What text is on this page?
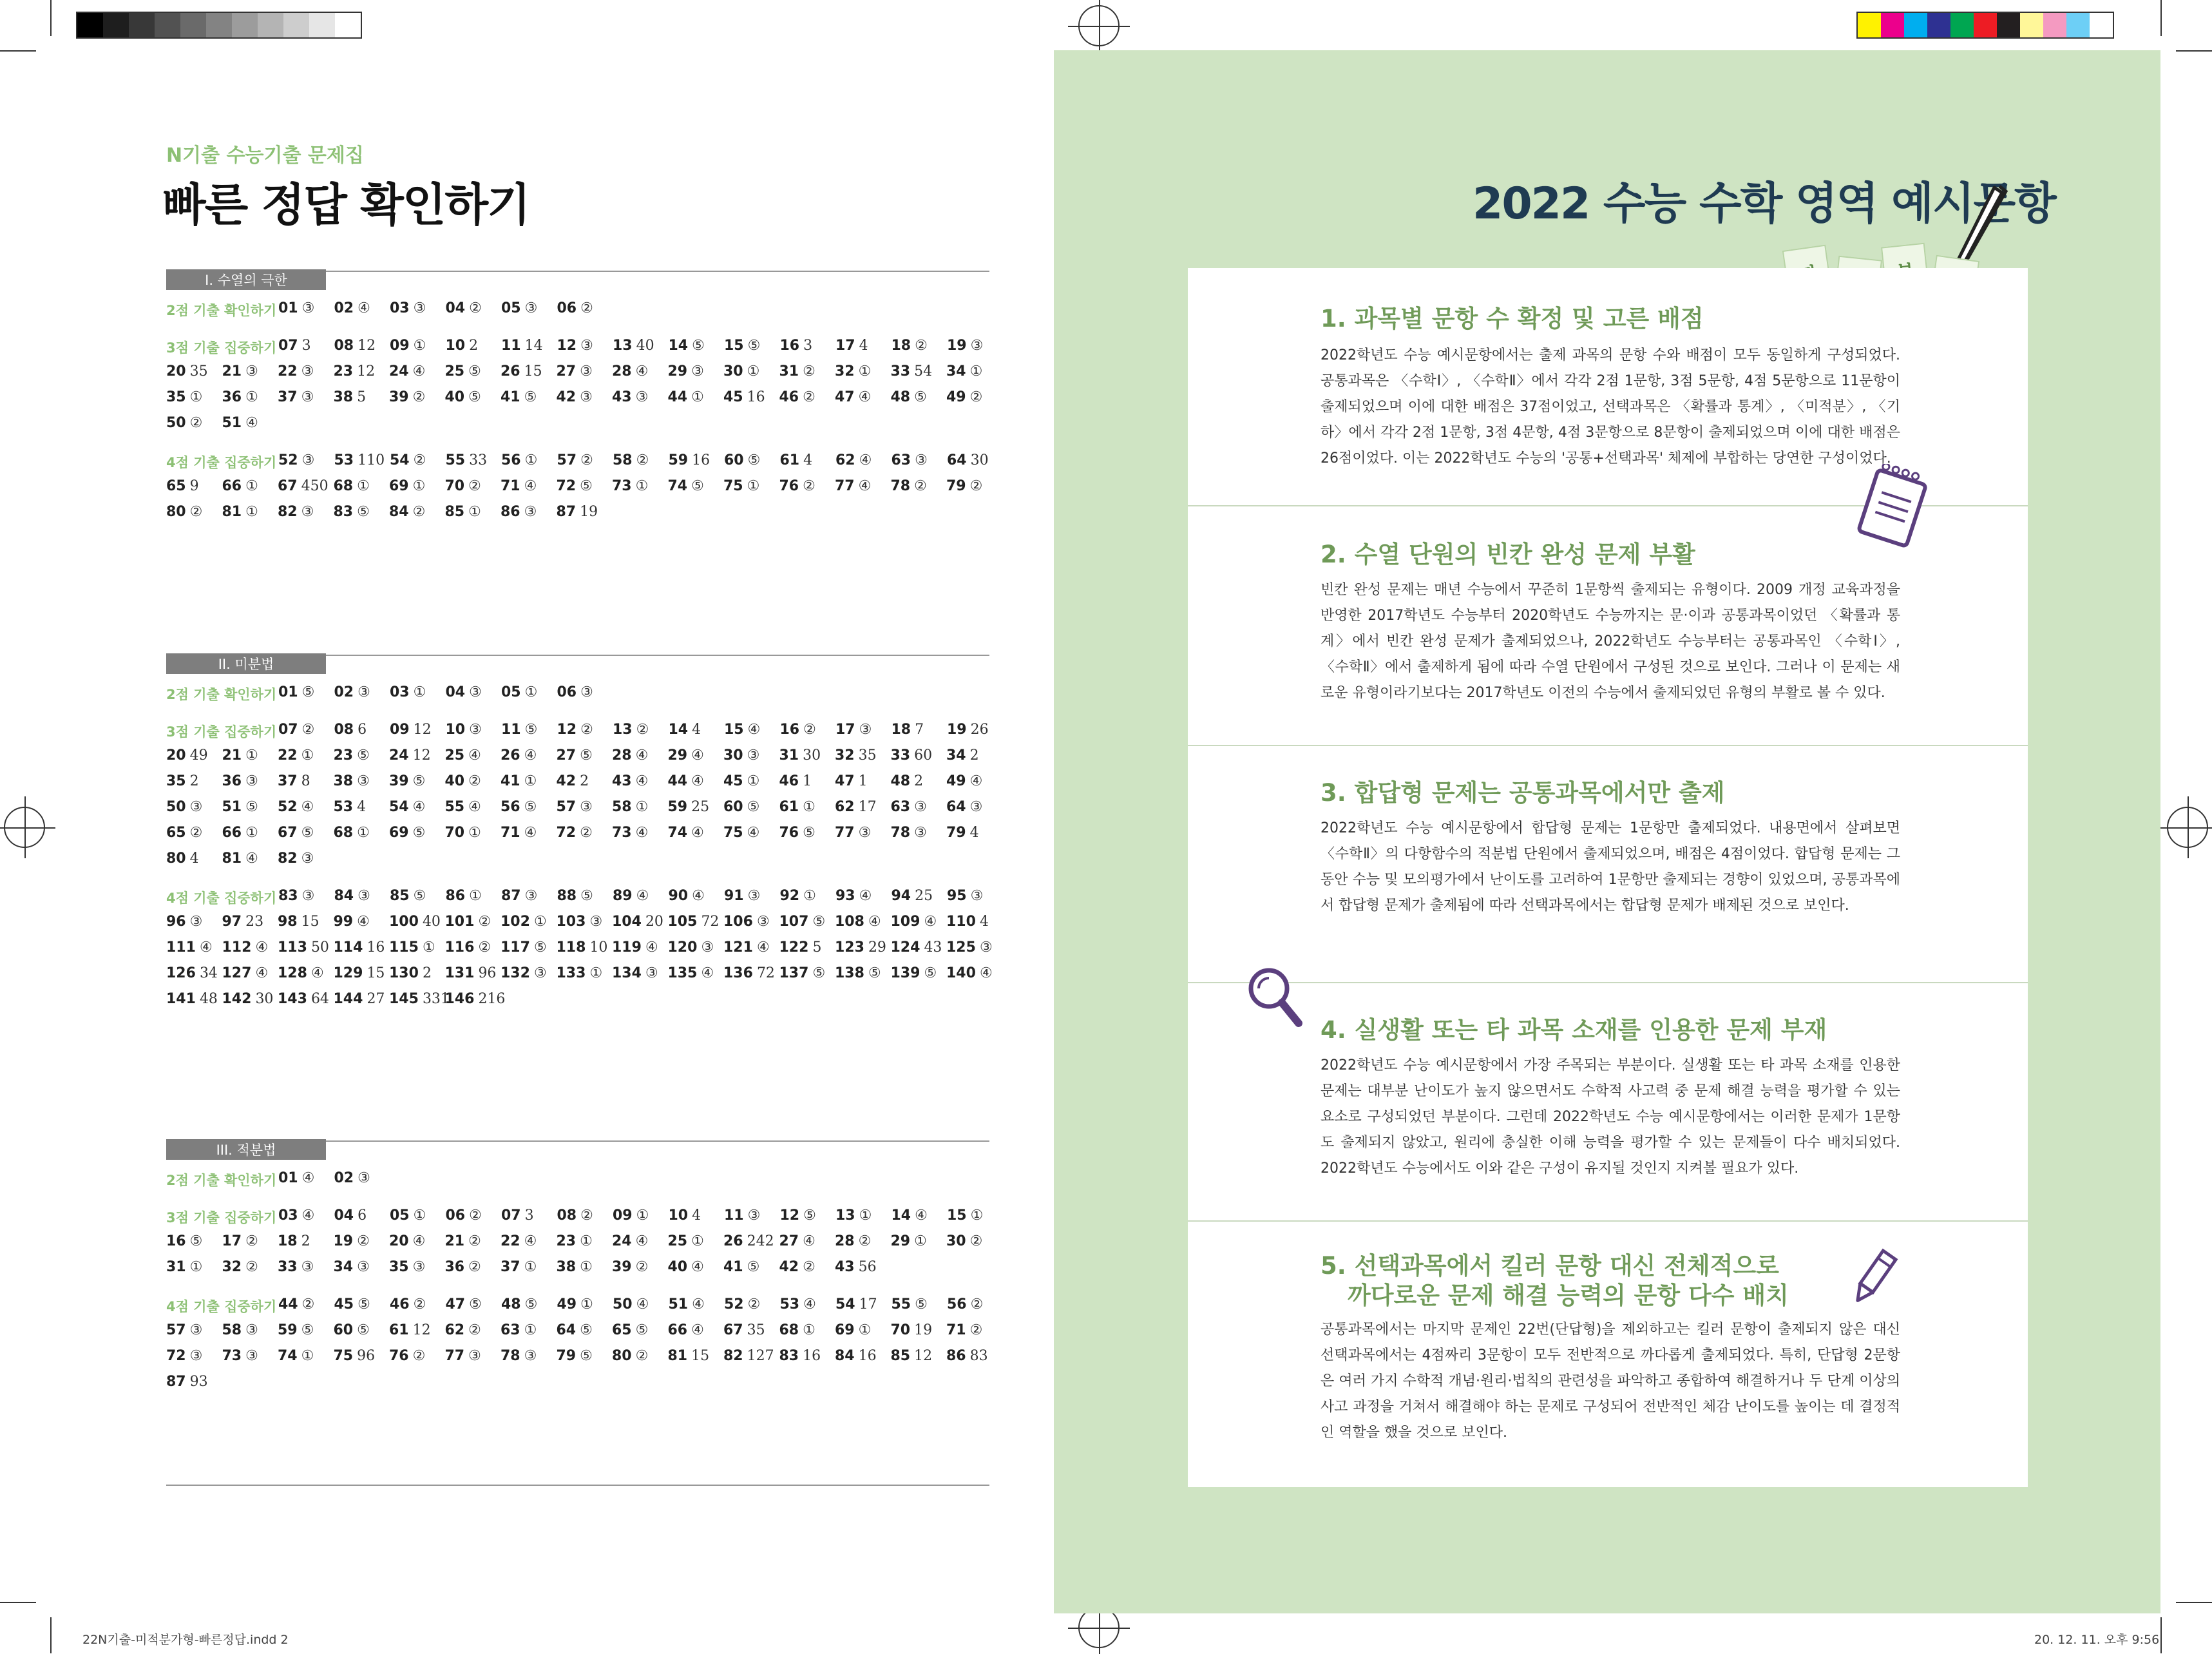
N기출 수능기출 문제집
빠른 정답 확인하기
I. 수열의 극한
2점 기출 확인하기 01 ③ 02 ④ 03 ③ 04 ② 05 ③ 06 ②
3점 기출 집중하기 07 3 08 12 09 ① 10 2 11 14 12 ③ 13 40 14 ⑤ 15 ⑤ 16 3 17 4 18 ② 19 ③
20 35 21 ③ 22 ③ 23 12 24 ④ 25 ⑤ 26 15 27 ③ 28 ④ 29 ③ 30 ① 31 ② 32 ① 33 54 34 ①
35 ① 36 ① 37 ③ 38 5 39 ② 40 ⑤ 41 ⑤ 42 ③ 43 ③ 44 ① 45 16 46 ② 47 ④ 48 ⑤ 49 ②
50 ② 51 ④
4점 기출 집중하기 52 ③ 53 110 54 ② 55 33 56 ① 57 ② 58 ② 59 16 60 ⑤ 61 4 62 ④ 63 ③ 64 30
65 9 66 ① 67 450 68 ① 69 ① 70 ② 71 ④ 72 ⑤ 73 ① 74 ⑤ 75 ① 76 ② 77 ④ 78 ② 79 ②
80 ② 81 ① 82 ③ 83 ⑤ 84 ② 85 ① 86 ③ 87 19
II. 미분법
2점 기출 확인하기 01 ⑤ 02 ③ 03 ① 04 ③ 05 ① 06 ③
3점 기출 집중하기 07 ② 08 6 09 12 10 ③ 11 ⑤ 12 ② 13 ② 14 4 15 ④ 16 ② 17 ③ 18 7 19 26
20 49 21 ① 22 ① 23 ⑤ 24 12 25 ④ 26 ④ 27 ⑤ 28 ④ 29 ④ 30 ③ 31 30 32 35 33 60 34 2
35 2 36 ③ 37 8 38 ③ 39 ⑤ 40 ② 41 ① 42 2 43 ④ 44 ④ 45 ① 46 1 47 1 48 2 49 ④
50 ③ 51 ⑤ 52 ④ 53 4 54 ④ 55 ④ 56 ⑤ 57 ③ 58 ① 59 25 60 ⑤ 61 ① 62 17 63 ③ 64 ③
65 ② 66 ① 67 ⑤ 68 ① 69 ⑤ 70 ① 71 ④ 72 ② 73 ④ 74 ④ 75 ④ 76 ⑤ 77 ③ 78 ③ 79 4
80 4 81 ④ 82 ③
4점 기출 집중하기 83 ③ 84 ③ 85 ⑤ 86 ① 87 ③ 88 ⑤ 89 ④ 90 ④ 91 ③ 92 ① 93 ④ 94 25 95 ③
96 ③ 97 23 98 15 99 ④ 100 40 101 ② 102 ① 103 ③ 104 20 105 72 106 ③ 107 ⑤ 108 ④ 109 ④ 110 4
111 ④ 112 ④ 113 50 114 16 115 ① 116 ② 117 ⑤ 118 10 119 ④ 120 ③ 121 ④ 122 5 123 29 124 43 125 ③
126 34 127 ④ 128 ④ 129 15 130 2 131 96 132 ③ 133 ① 134 ③ 135 ④ 136 72 137 ⑤ 138 ⑤ 139 ⑤ 140 ④
141 48 142 30 143 64 144 27 145 331
146 216
III. 적분법
2점 기출 확인하기 01 ④ 02 ③
3점 기출 집중하기 03 ④ 04 6 05 ① 06 ② 07 3 08 ② 09 ① 10 4 11 ③ 12 ⑤ 13 ① 14 ④ 15 ①
16 ⑤ 17 ② 18 2 19 ② 20 ④ 21 ② 22 ④ 23 ① 24 ④ 25 ① 26 242 27 ④ 28 ② 29 ① 30 ②
31 ① 32 ② 33 ③ 34 ③ 35 ③ 36 ② 37 ① 38 ① 39 ② 40 ④ 41 ⑤ 42 ② 43 56
4점 기출 집중하기 44 ② 45 ⑤ 46 ② 47 ⑤ 48 ⑤ 49 ① 50 ④ 51 ④ 52 ② 53 ④ 54 17 55 ⑤ 56 ②
57 ③ 58 ③ 59 ⑤ 60 ⑤ 61 12 62 ② 63 ① 64 ⑤ 65 ⑤ 66 ④ 67 35 68 ① 69 ① 70 19 71 ②
72 ③ 73 ③ 74 ① 75 96 76 ② 77 ③ 78 ③ 79 ⑤ 80 ② 81 15 82 127 83 16 84 16 85 12 86 83
87 93
22N기출-미적분가형-빠른정답.indd 2
2022 수능 수학 영역 예시문항
1. 과목별 문항 수 확정 및 고른 배점
2022학년도 수능 예시문항에서는 출제 과목의 문항 수와 배점이 모두 동일하게 구성되었다. 공통과목은 〈수학Ⅰ〉, 〈수학Ⅱ〉에서 각각 2점 1문항, 3점 5문항, 4점 5문항으로 11문항이 출제되었으며 이에 대한 배점은 37점이었고, 선택과목은 〈확률과 통계〉, 〈미적분〉, 〈기하〉에서 각각 2점 1문항, 3점 4문항, 4점 3문항으로 8문항이 출제되었으며 이에 대한 배점은 26점이었다. 이는 2022학년도 수능의 '공통+선택과목' 체제에 부합하는 당연한 구성이었다.
2. 수열 단원의 빈칸 완성 문제 부활
빈칸 완성 문제는 매년 수능에서 꾸준히 1문항씩 출제되는 유형이다. 2009 개정 교육과정을 반영한 2017학년도 수능부터 2020학년도 수능까지는 문·이과 공통과목이었던 〈확률과 통계〉에서 빈칸 완성 문제가 출제되었으나, 2022학년도 수능부터는 공통과목인 〈수학Ⅰ〉, 〈수학Ⅱ〉에서 출제하게 됨에 따라 수열 단원에서 구성된 것으로 보인다. 그러나 이 문제는 새로운 유형이라기보다는 2017학년도 이전의 수능에서 출제되었던 유형의 부활로 볼 수 있다.
3. 합답형 문제는 공통과목에서만 출제
2022학년도 수능 예시문항에서 합답형 문제는 1문항만 출제되었다. 내용면에서 살펴보면 〈수학Ⅱ〉의 다항함수의 적분법 단원에서 출제되었으며, 배점은 4점이었다. 합답형 문제는 그동안 수능 및 모의평가에서 난이도를 고려하여 1문항만 출제되는 경향이 있었으며, 공통과목에서 합답형 문제가 출제됨에 따라 선택과목에서는 합답형 문제가 배제된 것으로 보인다.
4. 실생활 또는 타 과목 소재를 인용한 문제 부재
2022학년도 수능 예시문항에서 가장 주목되는 부분이다. 실생활 또는 타 과목 소재를 인용한 문제는 대부분 난이도가 높지 않으면서도 수학적 사고력 중 문제 해결 능력을 평가할 수 있는 요소로 구성되었던 부분이다. 그런데 2022학년도 수능 예시문항에서는 이러한 문제가 1문항도 출제되지 않았고, 원리에 충실한 이해 능력을 평가할 수 있는 문제들이 다수 배치되었다. 2022학년도 수능에서도 이와 같은 구성이 유지될 것인지 지켜볼 필요가 있다.
5. 선택과목에서 킬러 문항 대신 전체적으로
까다로운 문제 해결 능력의 문항 다수 배치
공통과목에서는 마지막 문제인 22번(단답형)을 제외하고는 킬러 문항이 출제되지 않은 대신 선택과목에서는 4점짜리 3문항이 모두 전반적으로 까다롭게 출제되었다. 특히, 단답형 2문항은 여러 가지 수학적 개념·원리·법칙의 관련성을 파악하고 종합하여 해결하거나 두 단계 이상의 사고 과정을 거쳐서 해결해야 하는 문제로 구성되어 전반적인 체감 난이도를 높이는 데 결정적인 역할을 했을 것으로 보인다.
20. 12. 11. 오후 9:56
